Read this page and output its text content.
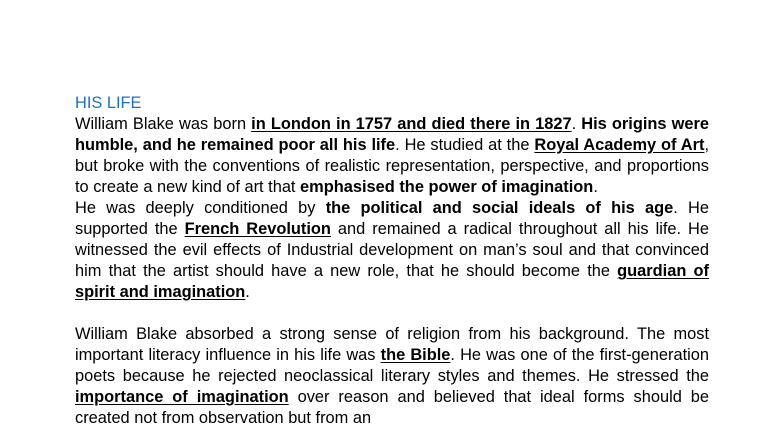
HIS LIFE

William Blake was born in London in 1757 and died there in 1827. His origins were humble, and he remained poor all his life. He studied at the Royal Academy of Art, but broke with the conventions of realistic representation, perspective, and proportions to create a new kind of art that emphasised the power of imagination.

He was deeply conditioned by the political and social ideals of his age. He supported the French Revolution and remained a radical throughout all his life. He witnessed the evil effects of Industrial development on man’s soul and that convinced him that the artist should have a new role, that he should become the guardian of spirit and imagination.

William Blake absorbed a strong sense of religion from his background. The most important literacy influence in his life was the Bible. He was one of the first-generation poets because he rejected neoclassical literary styles and themes. He stressed the importance of imagination over reason and believed that ideal forms should be created not from observation but from an
